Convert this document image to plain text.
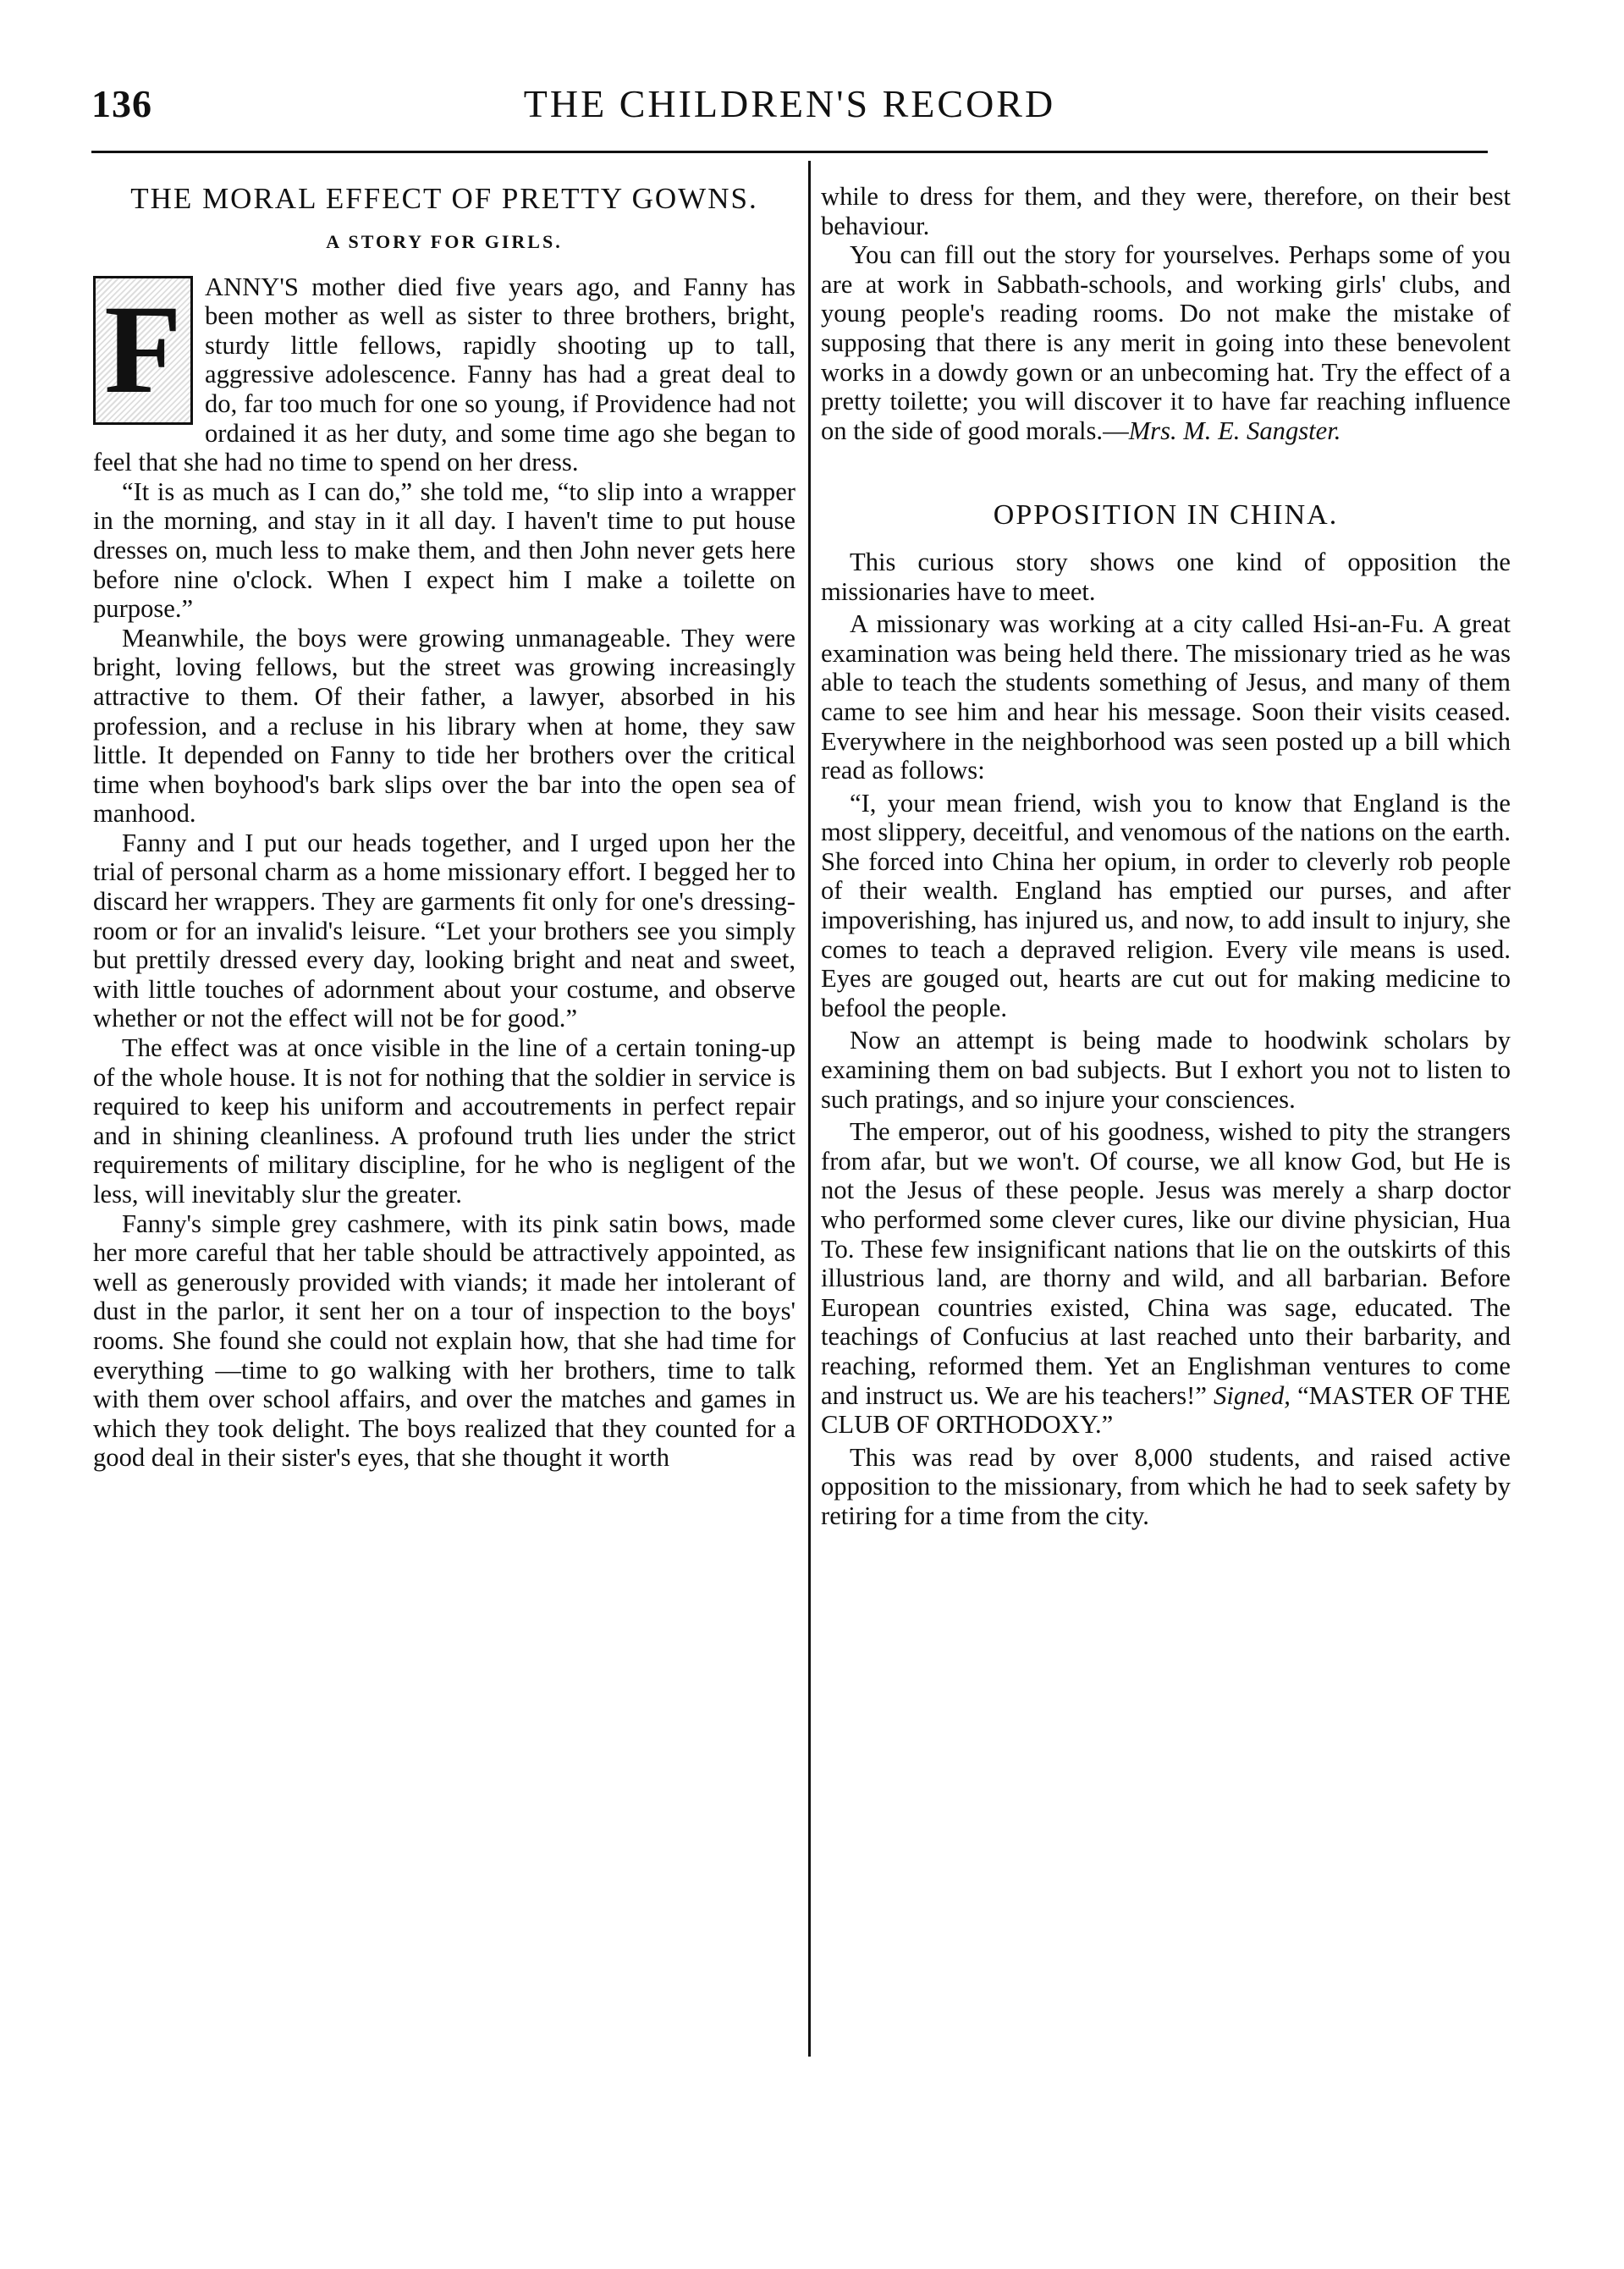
136	THE CHILDREN'S RECORD

THE MORAL EFFECT OF PRETTY GOWNS.

A STORY FOR GIRLS.

F ANNY'S mother died five years ago, and Fanny has been mother as well as sister to three brothers, bright, sturdy little fellows, rapidly shooting up to tall, aggressive adolescence. Fanny has had a great deal to do, far too much for one so young, if Providence had not ordained it as her duty, and some time ago she began to feel that she had no time to spend on her dress.

“It is as much as I can do,” she told me, “to slip into a wrapper in the morning, and stay in it all day. I haven't time to put house dresses on, much less to make them, and then John never gets here before nine o'clock. When I expect him I make a toilette on purpose.”

Meanwhile, the boys were growing unmanageable. They were bright, loving fellows, but the street was growing increasingly attractive to them. Of their father, a lawyer, absorbed in his profession, and a recluse in his library when at home, they saw little. It depended on Fanny to tide her brothers over the critical time when boyhood's bark slips over the bar into the open sea of manhood.

Fanny and I put our heads together, and I urged upon her the trial of personal charm as a home missionary effort. I begged her to discard her wrappers. They are garments fit only for one's dressing-room or for an invalid's leisure. “Let your brothers see you simply but prettily dressed every day, looking bright and neat and sweet, with little touches of adornment about your costume, and observe whether or not the effect will not be for good.”

The effect was at once visible in the line of a certain toning-up of the whole house. It is not for nothing that the soldier in service is required to keep his uniform and accoutrements in perfect repair and in shining cleanliness. A profound truth lies under the strict requirements of military discipline, for he who is negligent of the less, will inevitably slur the greater.

Fanny's simple grey cashmere, with its pink satin bows, made her more careful that her table should be attractively appointed, as well as generously provided with viands; it made her intolerant of dust in the parlor, it sent her on a tour of inspection to the boys' rooms. She found she could not explain how, that she had time for everything —time to go walking with her brothers, time to talk with them over school affairs, and over the matches and games in which they took delight. The boys realized that they counted for a good deal in their sister's eyes, that she thought it worth

while to dress for them, and they were, therefore, on their best behaviour.

You can fill out the story for yourselves. Perhaps some of you are at work in Sabbath-schools, and working girls' clubs, and young people's reading rooms. Do not make the mistake of supposing that there is any merit in going into these benevolent works in a dowdy gown or an unbecoming hat. Try the effect of a pretty toilette; you will discover it to have far reaching influence on the side of good morals.—Mrs. M. E. Sangster.

OPPOSITION IN CHINA.

This curious story shows one kind of opposition the missionaries have to meet.

A missionary was working at a city called Hsi-an-Fu. A great examination was being held there. The missionary tried as he was able to teach the students something of Jesus, and many of them came to see him and hear his message. Soon their visits ceased. Everywhere in the neighborhood was seen posted up a bill which read as follows:

“I, your mean friend, wish you to know that England is the most slippery, deceitful, and venomous of the nations on the earth. She forced into China her opium, in order to cleverly rob people of their wealth. England has emptied our purses, and after impoverishing, has injured us, and now, to add insult to injury, she comes to teach a depraved religion. Every vile means is used. Eyes are gouged out, hearts are cut out for making medicine to befool the people.

Now an attempt is being made to hoodwink scholars by examining them on bad subjects. But I exhort you not to listen to such pratings, and so injure your consciences.

The emperor, out of his goodness, wished to pity the strangers from afar, but we won't. Of course, we all know God, but He is not the Jesus of these people. Jesus was merely a sharp doctor who performed some clever cures, like our divine physician, Hua To. These few insignificant nations that lie on the outskirts of this illustrious land, are thorny and wild, and all barbarian. Before European countries existed, China was sage, educated. The teachings of Confucius at last reached unto their barbarity, and reaching, reformed them. Yet an Englishman ventures to come and instruct us. We are his teachers!” Signed, “MASTER OF THE CLUB OF ORTHODOXY.”

This was read by over 8,000 students, and raised active opposition to the missionary, from which he had to seek safety by retiring for a time from the city.
